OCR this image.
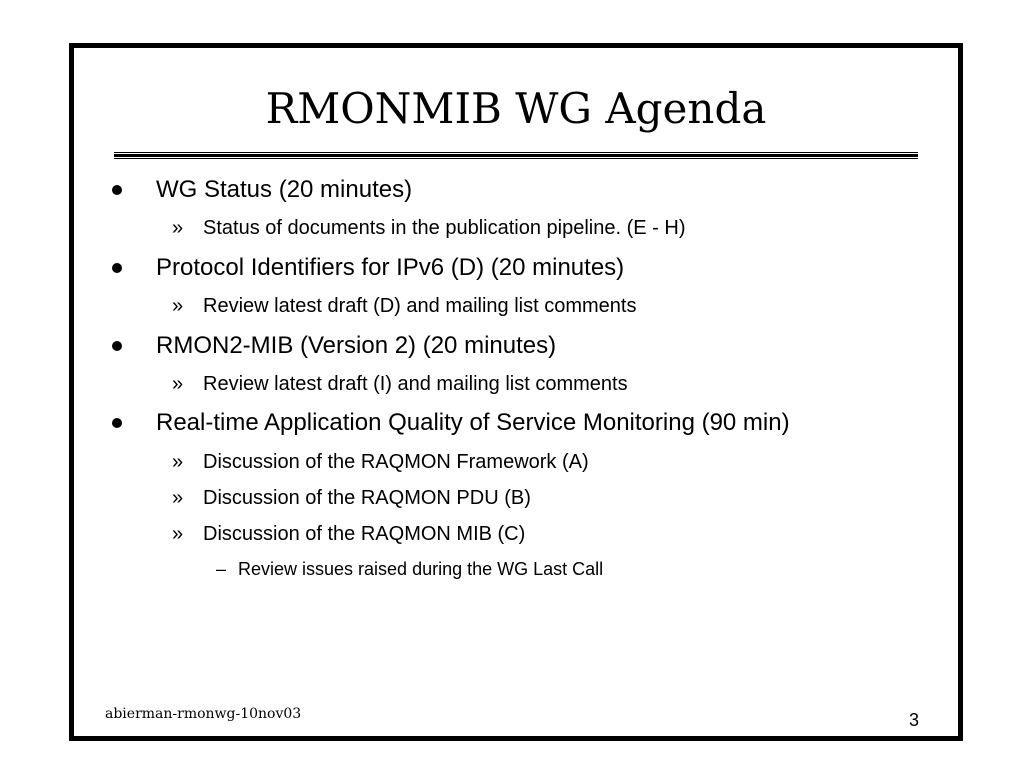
RMONMIB WG Agenda
WG Status (20 minutes)
» Status of documents in the publication pipeline. (E - H)
Protocol Identifiers for IPv6 (D) (20 minutes)
» Review latest draft (D) and mailing list comments
RMON2-MIB (Version 2) (20 minutes)
» Review latest draft (I) and mailing list comments
Real-time Application Quality of Service Monitoring (90 min)
» Discussion of the RAQMON Framework (A)
» Discussion of the RAQMON PDU (B)
» Discussion of the RAQMON MIB (C)
– Review issues raised during the WG Last Call
abierman-rmonwg-10nov03	3
